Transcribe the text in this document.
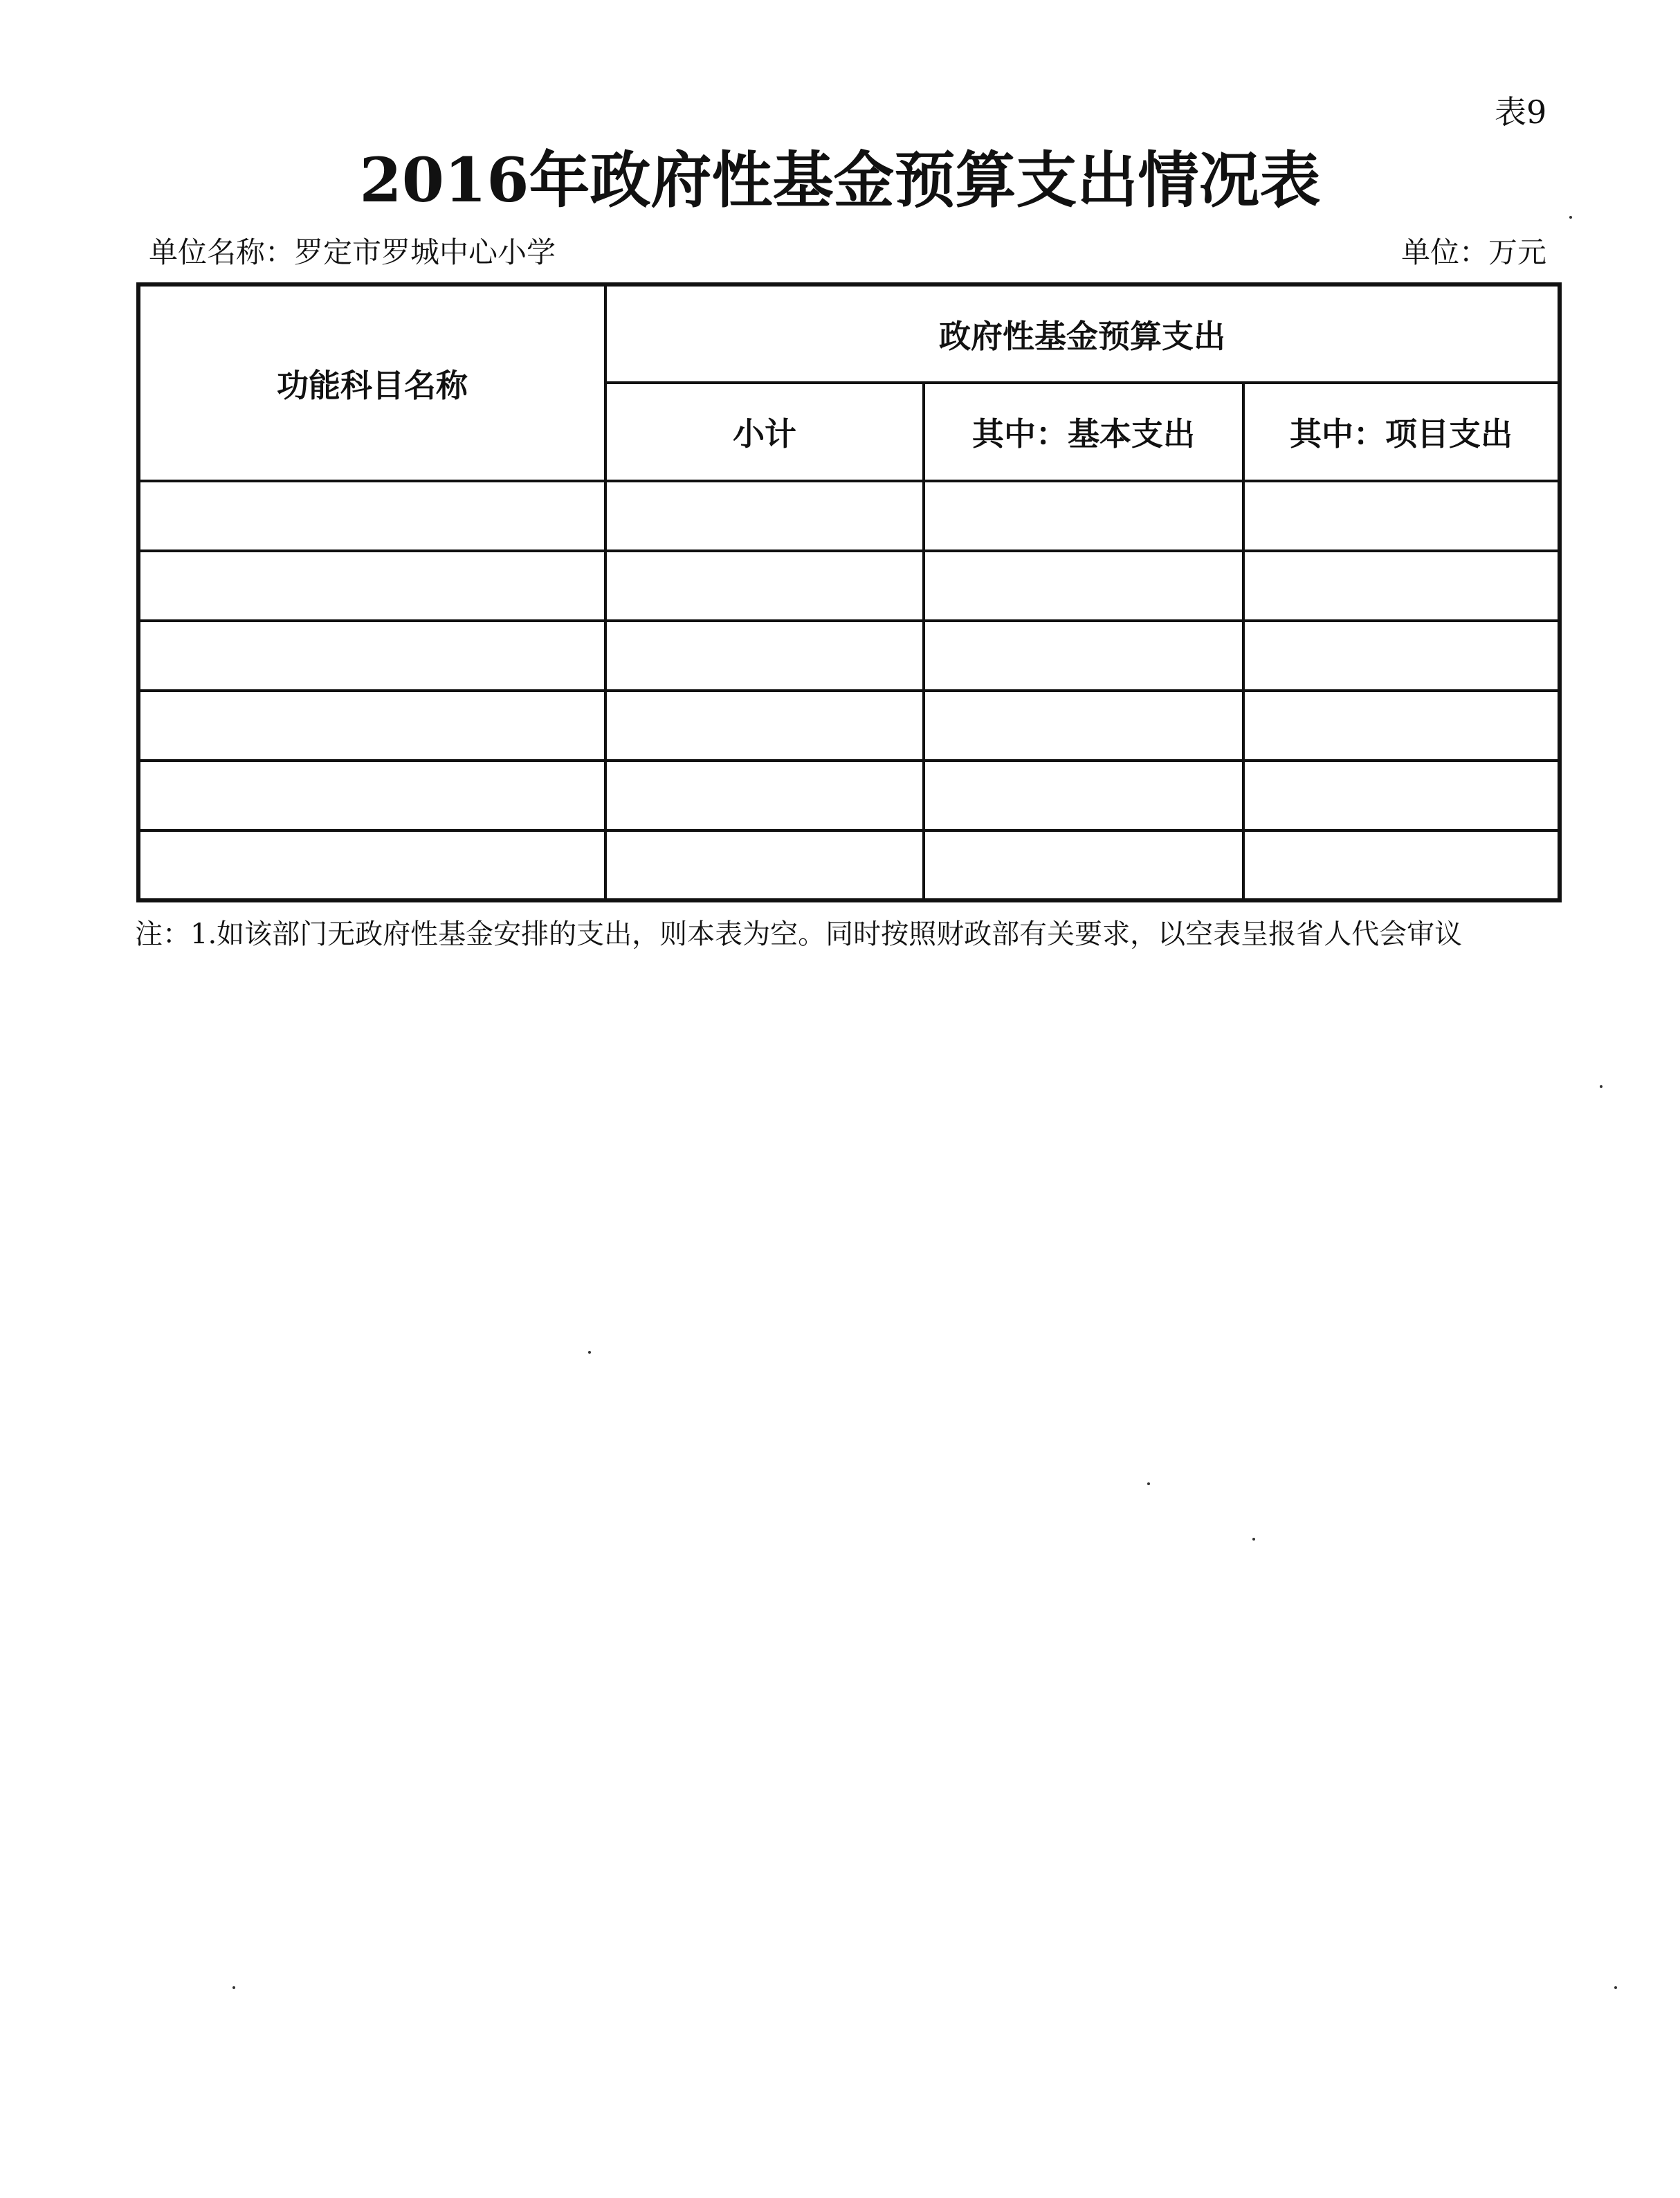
表9
2016年政府性基金预算支出情况表
单位名称：罗定市罗城中心小学	单位：万元
功能科目名称	政府性基金预算支出		
	小计	其中：基本支出	其中：项目支出

注：1.如该部门无政府性基金安排的支出，则本表为空。同时按照财政部有关要求，以空表呈报省人代会审议
